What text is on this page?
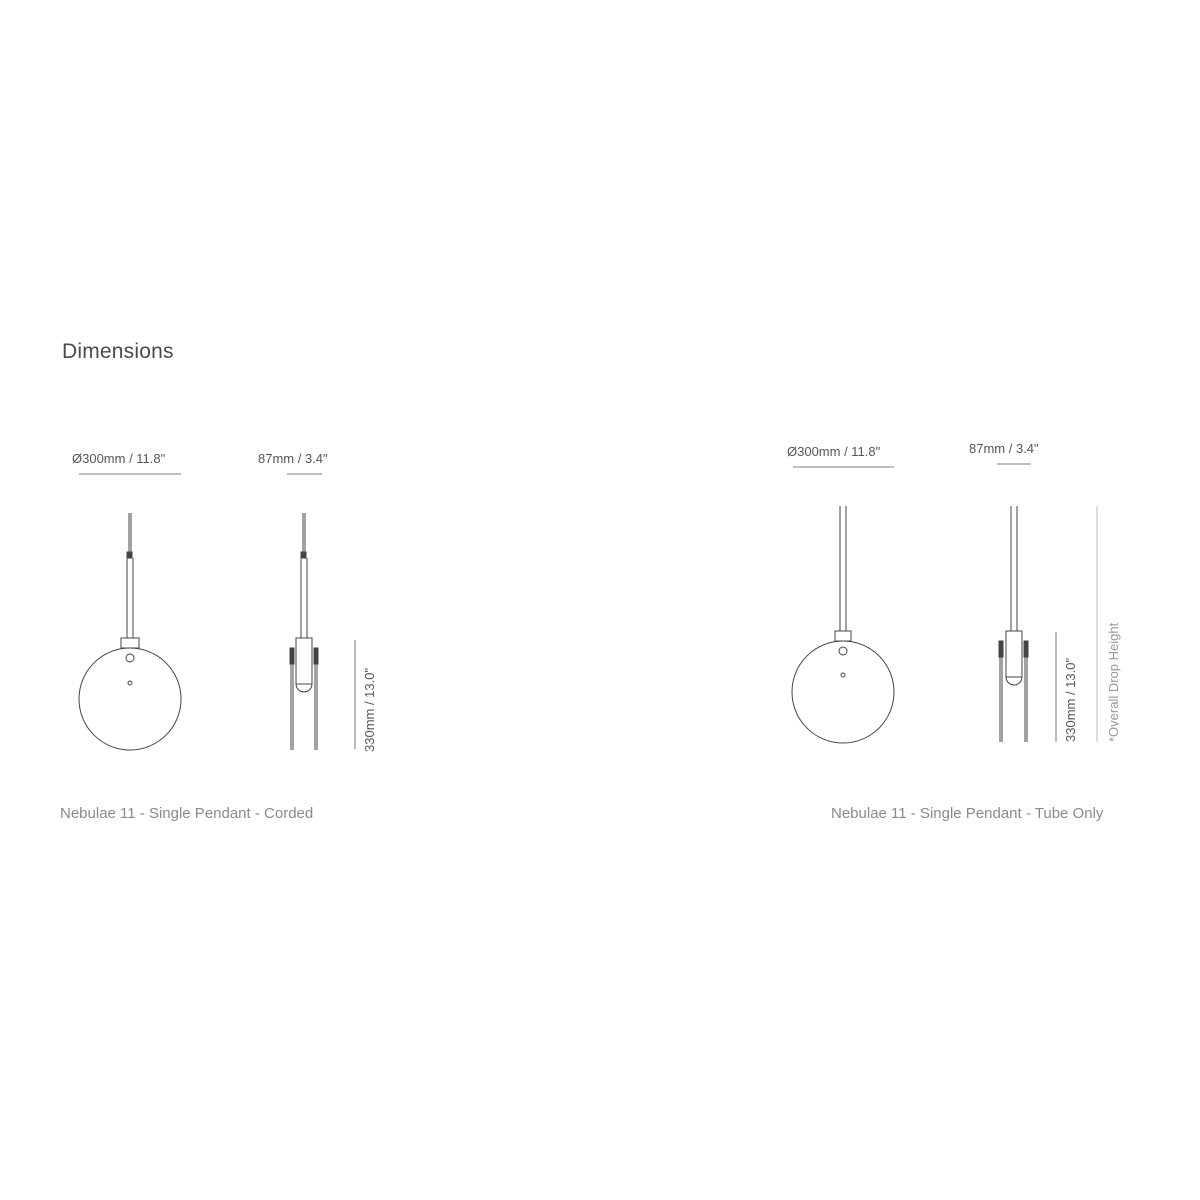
Dimensions
Ø300mm / 11.8"	87mm / 3.4"
330mm / 13.0"
Nebulae 11 - Single Pendant - Corded
Ø300mm / 11.8"	87mm / 3.4"
330mm / 13.0" *Overall Drop Height
Nebulae 11 - Single Pendant - Tube Only
